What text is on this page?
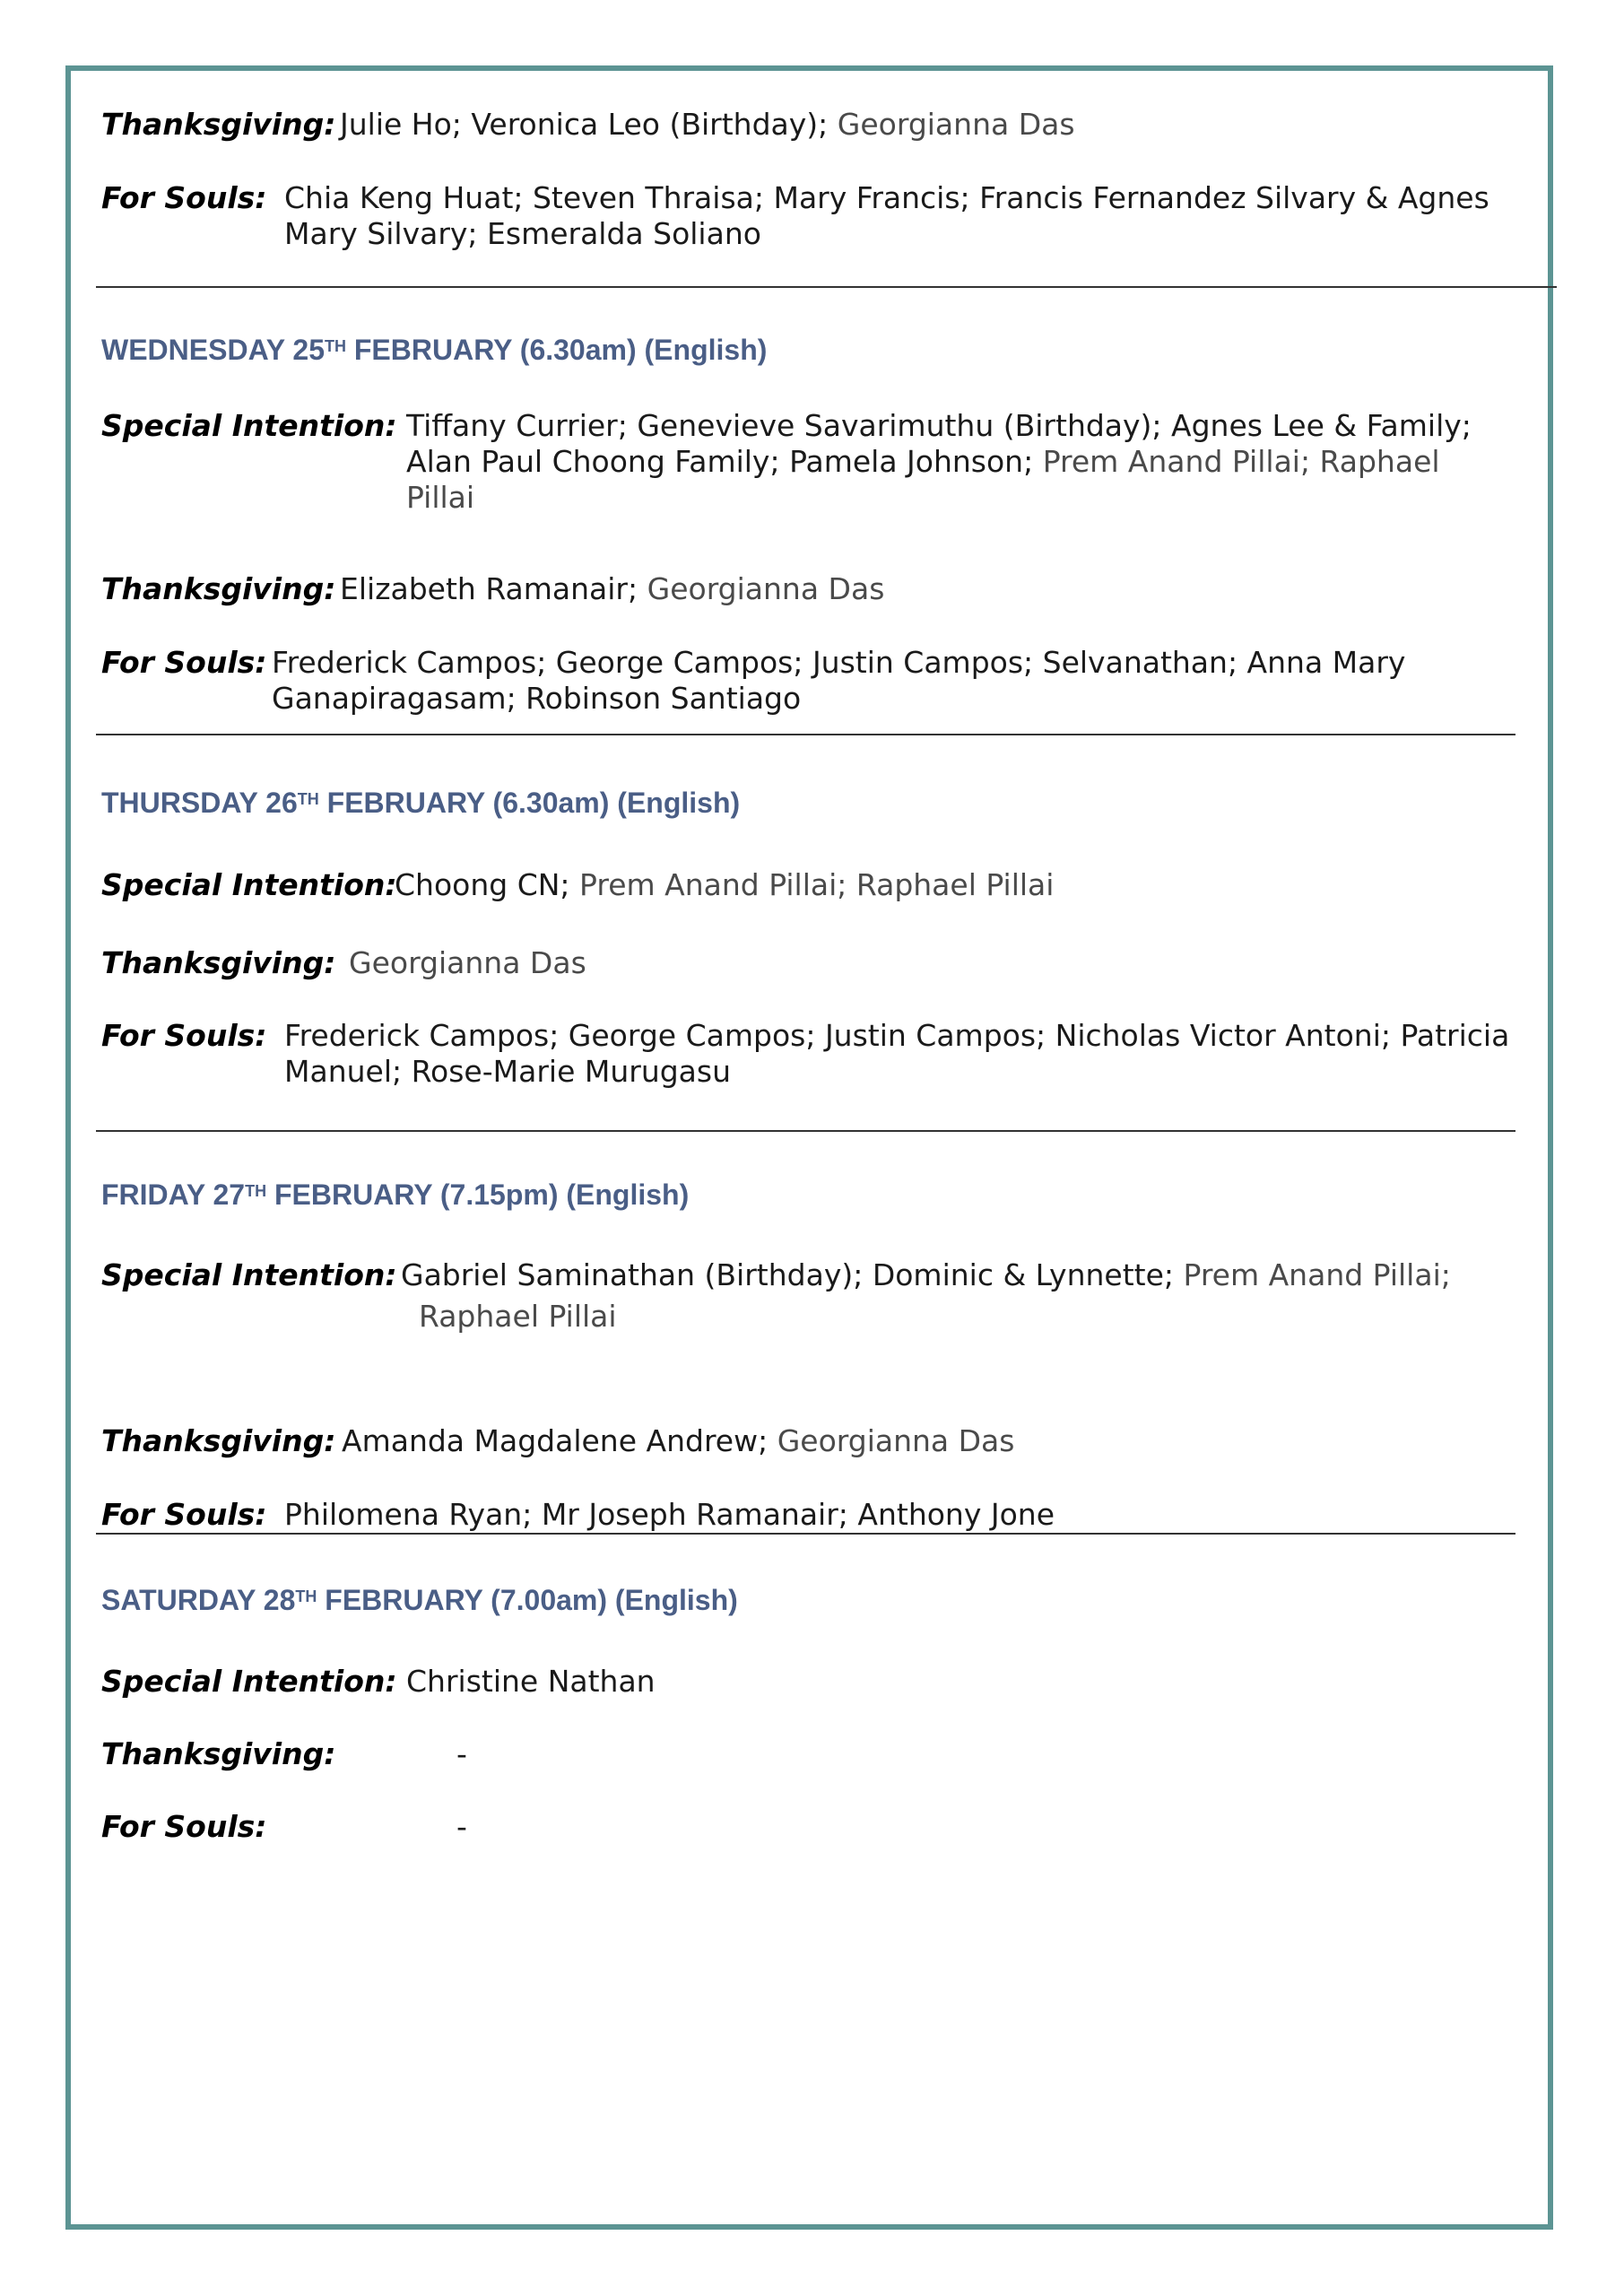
Thanksgiving: Julie Ho; Veronica Leo (Birthday); Georgianna Das
For Souls: Chia Keng Huat; Steven Thraisa; Mary Francis; Francis Fernandez Silvary & Agnes
Mary Silvary; Esmeralda Soliano
WEDNESDAY 25TH FEBRUARY (6.30am) (English)
Special Intention: Tiffany Currier; Genevieve Savarimuthu (Birthday); Agnes Lee & Family;
Alan Paul Choong Family; Pamela Johnson; Prem Anand Pillai; Raphael
Pillai
Thanksgiving: Elizabeth Ramanair; Georgianna Das
For Souls: Frederick Campos; George Campos; Justin Campos; Selvanathan; Anna Mary
Ganapiragasam; Robinson Santiago
THURSDAY 26TH FEBRUARY (6.30am) (English)
Special Intention:
Choong CN; Prem Anand Pillai; Raphael Pillai
Thanksgiving: Georgianna Das
For Souls: Frederick Campos; George Campos; Justin Campos; Nicholas Victor Antoni; Patricia
Manuel; Rose-Marie Murugasu
FRIDAY 27TH FEBRUARY (7.15pm) (English)
Special Intention: Gabriel Saminathan (Birthday); Dominic & Lynnette; Prem Anand Pillai;
Raphael Pillai
Thanksgiving: Amanda Magdalene Andrew; Georgianna Das
For Souls: Philomena Ryan; Mr Joseph Ramanair; Anthony Jone
SATURDAY 28TH FEBRUARY (7.00am) (English)
Special Intention: Christine Nathan
Thanksgiving:	-
For Souls:	-
